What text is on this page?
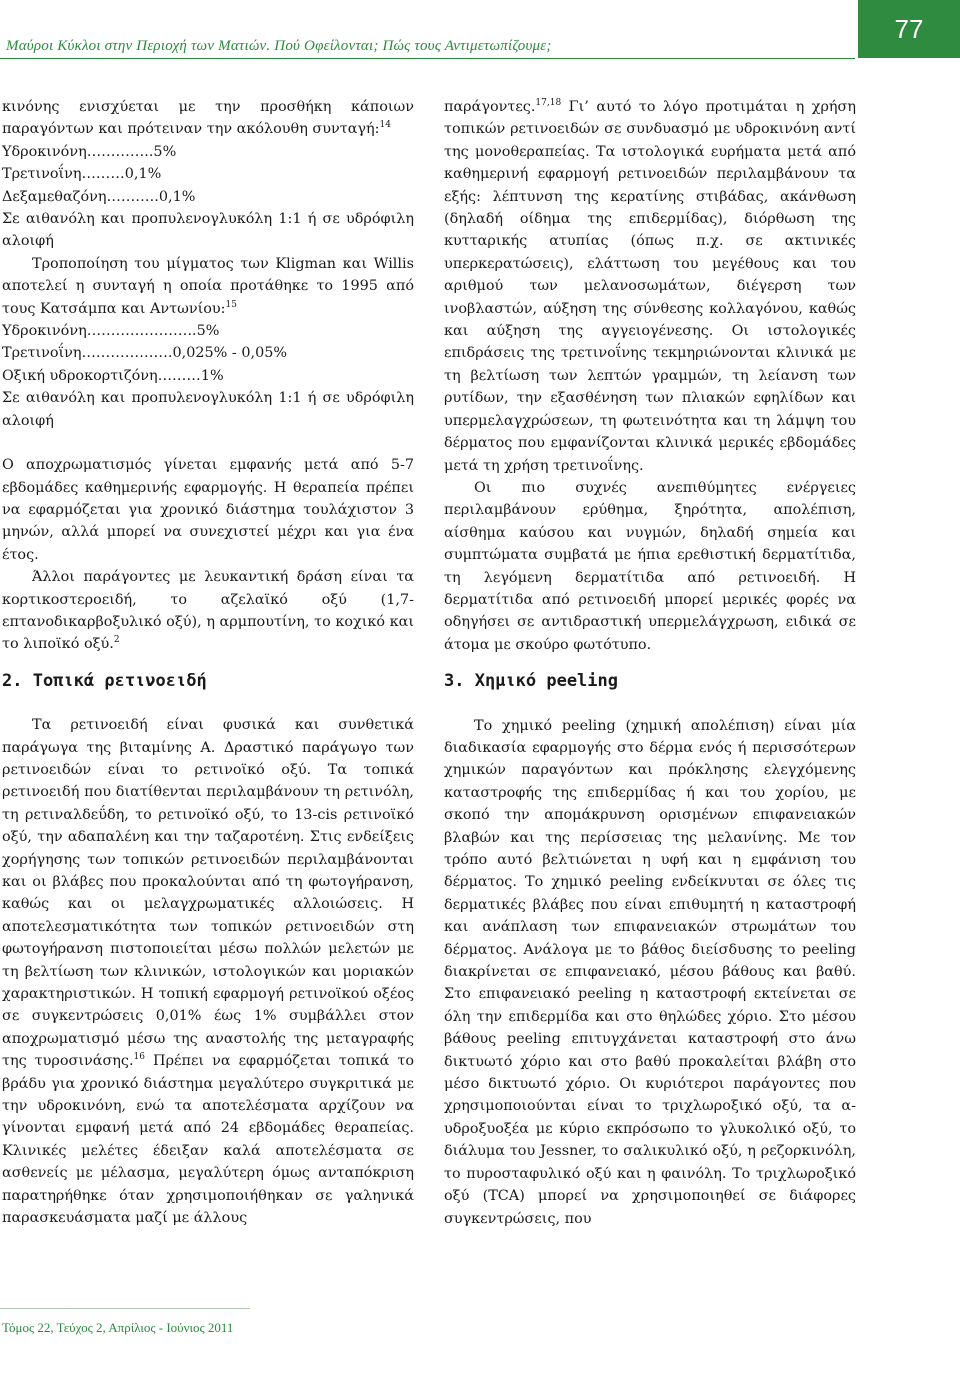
Μαύροι Κύκλοι στην Περιοχή των Ματιών. Πού Οφείλονται; Πώς τους Αντιμετωπίζουμε;
77

κινόνης ενισχύεται με την προσθήκη κάποιων παραγόντων και πρότειναν την ακόλουθη συνταγή:$^{14}$

Υδροκινόνη…………..5%

Τρετινοΐνη………0,1%

Δεξαμεθαζόνη………..0,1%

Σε αιθανόλη και προπυλενογλυκόλη 1:1 ή σε υδρόφιλη αλοιφή

Τροποποίηση του μίγματος των Kligman και Willis αποτελεί η συνταγή η οποία προτάθηκε το 1995 από τους Κατσάμπα και Αντωνίου:$^{15}$

Υδροκινόνη…………………..5%

Τρετινοΐνη……………….0,025% - 0,05%

Οξική υδροκορτιζόνη………1%

Σε αιθανόλη και προπυλενογλυκόλη 1:1 ή σε υδρόφιλη αλοιφή

Ο αποχρωματισμός γίνεται εμφανής μετά από 5-7 εβδομάδες καθημερινής εφαρμογής. Η θεραπεία πρέπει να εφαρμόζεται για χρονικό διάστημα τουλάχιστον 3 μηνών, αλλά μπορεί να συνεχιστεί μέχρι και για ένα έτος.

Άλλοι παράγοντες με λευκαντική δράση είναι τα κορτικοστεροειδή, το αζελαϊκό οξύ (1,7-επτανοδικαρβοξυλικό οξύ), η αρμπουτίνη, το κοχικό και το λιποϊκό οξύ.$^2$

2. Τοπικά ρετινοειδή

Τα ρετινοειδή είναι φυσικά και συνθετικά παράγωγα της βιταμίνης Α. Δραστικό παράγωγο των ρετινοειδών είναι το ρετινοϊκό οξύ. Τα τοπικά ρετινοειδή που διατίθενται περιλαμβάνουν τη ρετινόλη, τη ρετιναλδεΰδη, το ρετινοϊκό οξύ, το 13-cis ρετινοϊκό οξύ, την αδαπαλένη και την ταζαροτένη. Στις ενδείξεις χορήγησης των τοπικών ρετινοειδών περιλαμβάνονται και οι βλάβες που προκαλούνται από τη φωτογήρανση, καθώς και οι μελαγχρωματικές αλλοιώσεις. Η αποτελεσματικότητα των τοπικών ρετινοειδών στη φωτογήρανση πιστοποιείται μέσω πολλών μελετών με τη βελτίωση των κλινικών, ιστολογικών και μοριακών χαρακτηριστικών. Η τοπική εφαρμογή ρετινοϊκού οξέος σε συγκεντρώσεις 0,01% έως 1% συμβάλλει στον αποχρωματισμό μέσω της αναστολής της μεταγραφής της τυροσινάσης.$^{16}$ Πρέπει να εφαρμόζεται τοπικά το βράδυ για χρονικό διάστημα μεγαλύτερο συγκριτικά με την υδροκινόνη, ενώ τα αποτελέσματα αρχίζουν να γίνονται εμφανή μετά από 24 εβδομάδες θεραπείας. Κλινικές μελέτες έδειξαν καλά αποτελέσματα σε ασθενείς με μέλασμα, μεγαλύτερη όμως ανταπόκριση παρατηρήθηκε όταν χρησιμοποιήθηκαν σε γαληνικά παρασκευάσματα μαζί με άλλους

παράγοντες.$^{17,18}$ Γι’ αυτό το λόγο προτιμάται η χρήση τοπικών ρετινοειδών σε συνδυασμό με υδροκινόνη αντί της μονοθεραπείας. Τα ιστολογικά ευρήματα μετά από καθημερινή εφαρμογή ρετινοειδών περιλαμβάνουν τα εξής: λέπτυνση της κερατίνης στιβάδας, ακάνθωση (δηλαδή οίδημα της επιδερμίδας), διόρθωση της κυτταρικής ατυπίας (όπως π.χ. σε ακτινικές υπερκερατώσεις), ελάττωση του μεγέθους και του αριθμού των μελανοσωμάτων, διέγερση των ινοβλαστών, αύξηση της σύνθεσης κολλαγόνου, καθώς και αύξηση της αγγειογένεσης. Οι ιστολογικές επιδράσεις της τρετινοΐνης τεκμηριώνονται κλινικά με τη βελτίωση των λεπτών γραμμών, τη λείανση των ρυτίδων, την εξασθένηση των πλιακών εφηλίδων και υπερμελαγχρώσεων, τη φωτεινότητα και τη λάμψη του δέρματος που εμφανίζονται κλινικά μερικές εβδομάδες μετά τη χρήση τρετινοΐνης.

Οι πιο συχνές ανεπιθύμητες ενέργειες περιλαμβάνουν ερύθημα, ξηρότητα, απολέπιση, αίσθημα καύσου και νυγμών, δηλαδή σημεία και συμπτώματα συμβατά με ήπια ερεθιστική δερματίτιδα, τη λεγόμενη δερματίτιδα από ρετινοειδή. Η δερματίτιδα από ρετινοειδή μπορεί μερικές φορές να οδηγήσει σε αντιδραστική υπερμελάγχρωση, ειδικά σε άτομα με σκούρο φωτότυπο.

3. Χημικό peeling

Το χημικό peeling (χημική απολέπιση) είναι μία διαδικασία εφαρμογής στο δέρμα ενός ή περισσότερων χημικών παραγόντων και πρόκλησης ελεγχόμενης καταστροφής της επιδερμίδας ή και του χορίου, με σκοπό την απομάκρυνση ορισμένων επιφανειακών βλαβών και της περίσσειας της μελανίνης. Με τον τρόπο αυτό βελτιώνεται η υφή και η εμφάνιση του δέρματος. Το χημικό peeling ενδείκνυται σε όλες τις δερματικές βλάβες που είναι επιθυμητή η καταστροφή και ανάπλαση των επιφανειακών στρωμάτων του δέρματος. Ανάλογα με το βάθος διείσδυσης το peeling διακρίνεται σε επιφανειακό, μέσου βάθους και βαθύ. Στο επιφανειακό peeling η καταστροφή εκτείνεται σε όλη την επιδερμίδα και στο θηλώδες χόριο. Στο μέσου βάθους peeling επιτυγχάνεται καταστροφή στο άνω δικτυωτό χόριο και στο βαθύ προκαλείται βλάβη στο μέσο δικτυωτό χόριο. Οι κυριότεροι παράγοντες που χρησιμοποιούνται είναι το τριχλωροξικό οξύ, τα α-υδροξυοξέα με κύριο εκπρόσωπο το γλυκολικό οξύ, το διάλυμα του Jessner, το σαλικυλικό οξύ, η ρεζορκινόλη, το πυροσταφυλικό οξύ και η φαινόλη. Το τριχλωροξικό οξύ (TCA) μπορεί να χρησιμοποιηθεί σε διάφορες συγκεντρώσεις, που

Τόμος 22, Τεύχος 2, Απρίλιος - Ιούνιος 2011
